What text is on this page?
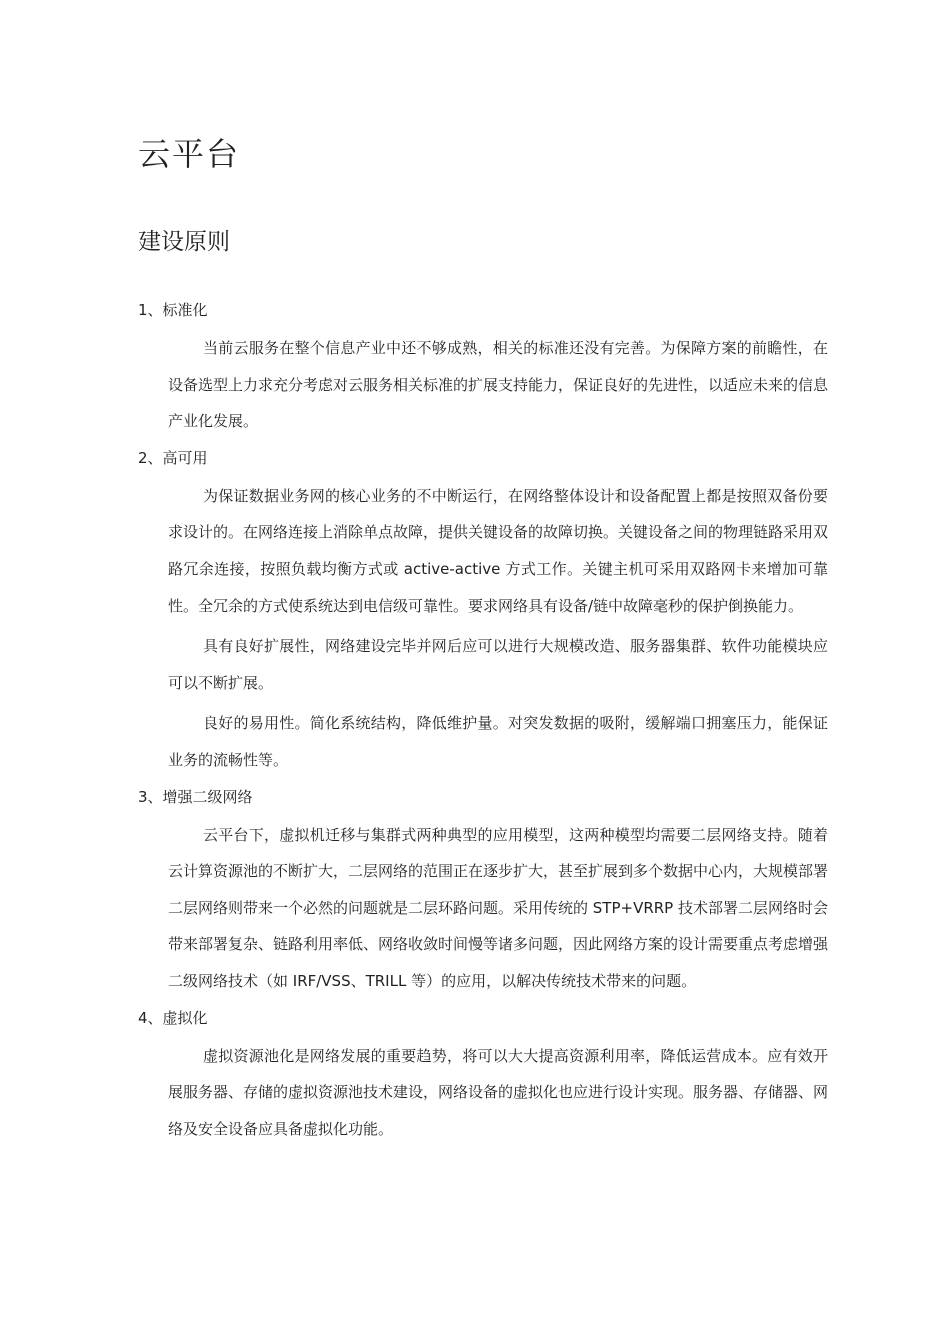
云平台
建设原则

1、标准化

当前云服务在整个信息产业中还不够成熟，相关的标准还没有完善。为保障方案的前瞻性，在设备选型上力求充分考虑对云服务相关标准的扩展支持能力，保证良好的先进性，以适应未来的信息产业化发展。

2、高可用

为保证数据业务网的核心业务的不中断运行，在网络整体设计和设备配置上都是按照双备份要求设计的。在网络连接上消除单点故障，提供关键设备的故障切换。关键设备之间的物理链路采用双路冗余连接，按照负载均衡方式或 active-active 方式工作。关键主机可采用双路网卡来增加可靠性。全冗余的方式使系统达到电信级可靠性。要求网络具有设备/链中故障毫秒的保护倒换能力。

具有良好扩展性，网络建设完毕并网后应可以进行大规模改造、服务器集群、软件功能模块应可以不断扩展。

良好的易用性。简化系统结构，降低维护量。对突发数据的吸附，缓解端口拥塞压力，能保证业务的流畅性等。

3、增强二级网络

云平台下，虚拟机迁移与集群式两种典型的应用模型，这两种模型均需要二层网络支持。随着云计算资源池的不断扩大，二层网络的范围正在逐步扩大，甚至扩展到多个数据中心内，大规模部署二层网络则带来一个必然的问题就是二层环路问题。采用传统的 STP+VRRP 技术部署二层网络时会带来部署复杂、链路利用率低、网络收敛时间慢等诸多问题，因此网络方案的设计需要重点考虑增强二级网络技术（如 IRF/VSS、TRILL 等）的应用，以解决传统技术带来的问题。

4、虚拟化

虚拟资源池化是网络发展的重要趋势，将可以大大提高资源利用率，降低运营成本。应有效开展服务器、存储的虚拟资源池技术建设，网络设备的虚拟化也应进行设计实现。服务器、存储器、网络及安全设备应具备虚拟化功能。
